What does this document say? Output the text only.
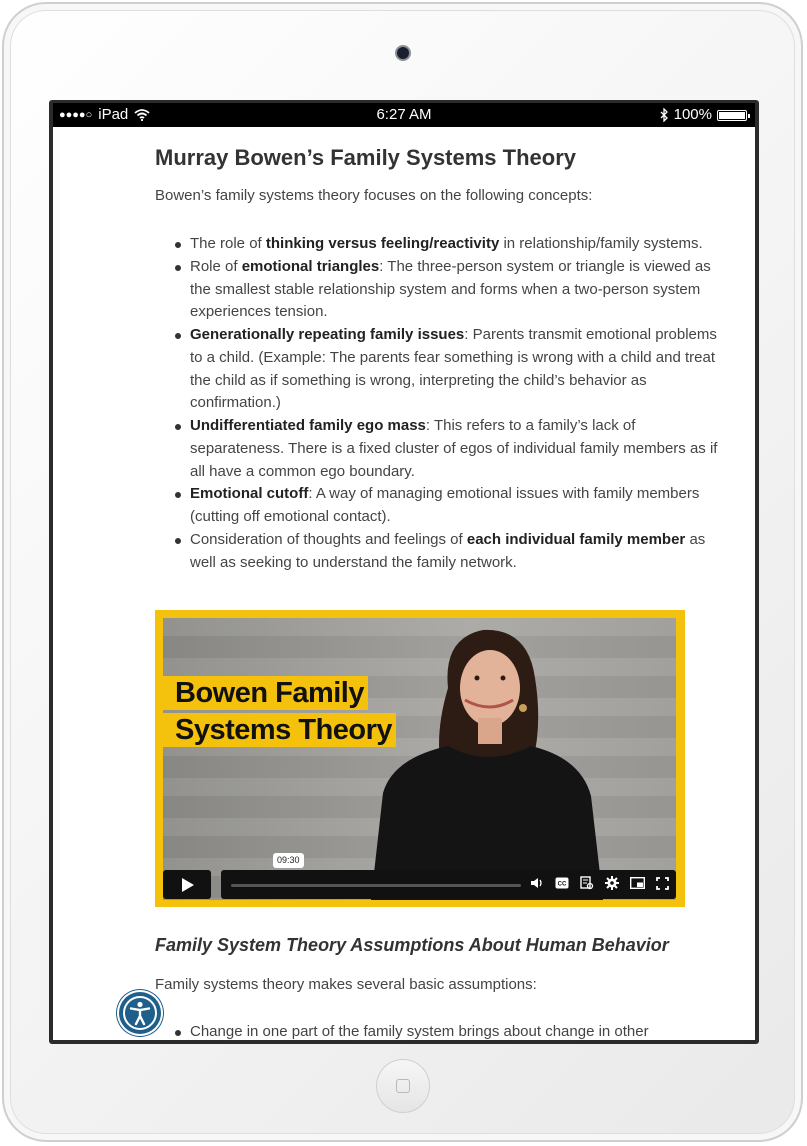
●●●●○ iPad	6:27 AM	100%
Murray Bowen’s Family Systems Theory

Bowen’s family systems theory focuses on the following concepts:

The role of thinking versus feeling/reactivity in relationship/family systems.
Role of emotional triangles: The three-person system or triangle is viewed as the smallest stable relationship system and forms when a two-person system experiences tension.
Generationally repeating family issues: Parents transmit emotional problems to a child. (Example: The parents fear something is wrong with a child and treat the child as if something is wrong, interpreting the child’s behavior as confirmation.)
Undifferentiated family ego mass: This refers to a family’s lack of separateness. There is a fixed cluster of egos of individual family members as if all have a common ego boundary.
Emotional cutoff: A way of managing emotional issues with family members (cutting off emotional contact).
Consideration of thoughts and feelings of each individual family member as well as seeking to understand the family network.
Bowen Family
Systems Theory
09:30
CC
Family System Theory Assumptions About Human Behavior

Family systems theory makes several basic assumptions:

Change in one part of the family system brings about change in other
